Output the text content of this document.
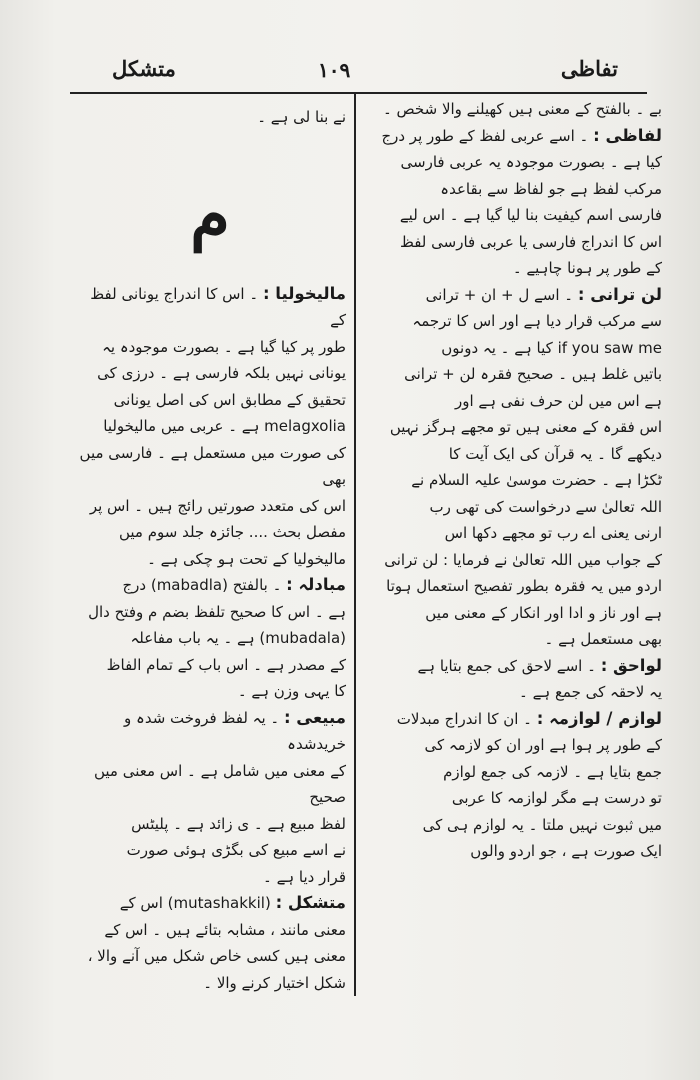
متشکل	۱۰۹	تفاظی

بے ۔ بالفتح کے معنی ہیں کھیلنے والا شخص ۔

لفاظی : ۔ اسے عربی لفظ کے طور پر درج

کیا ہے ۔ بصورت موجودہ یہ عربی فارسی

مرکب لفظ ہے جو لفاظ سے بقاعدہ

فارسی اسم کیفیت بنا لیا گیا ہے ۔ اس لیے

اس کا اندراج فارسی یا عربی فارسی لفظ

کے طور پر ہونا چاہیے ۔

لن ترانی : ۔ اسے ل + ان + ترانی

سے مرکب قرار دیا ہے اور اس کا ترجمہ

if you saw me کیا ہے ۔ یہ دونوں

باتیں غلط ہیں ۔ صحیح فقرہ لن + ترانی

ہے اس میں لن حرف نفی ہے اور

اس فقرہ کے معنی ہیں تو مجھے ہرگز نہیں

دیکھے گا ۔ یہ قرآن کی ایک آیت کا

ٹکڑا ہے ۔ حضرت موسیٰ علیہ السلام نے

اللہ تعالیٰ سے درخواست کی تھی رب

ارنی یعنی اے رب تو مجھے دکھا اس

کے جواب میں اللہ تعالیٰ نے فرمایا : لن ترانی

اردو میں یہ فقرہ بطور تفصیح استعمال ہوتا

ہے اور ناز و ادا اور انکار کے معنی میں

بھی مستعمل ہے ۔

لواحق : ۔ اسے لاحق کی جمع بتایا ہے

یہ لاحقہ کی جمع ہے ۔

لوازم / لوازمہ : ۔ ان کا اندراج مبدلات

کے طور پر ہوا ہے اور ان کو لازمہ کی

جمع بتایا ہے ۔ لازمہ کی جمع لوازم

تو درست ہے مگر لوازمہ کا عربی

میں ثبوت نہیں ملتا ۔ یہ لوازم ہی کی

ایک صورت ہے ، جو اردو والوں

نے بنا لی ہے ۔

م

مالیخولیا : ۔ اس کا اندراج یونانی لفظ کے

طور پر کیا گیا ہے ۔ بصورت موجودہ یہ

یونانی نہیں بلکہ فارسی ہے ۔ درزی کی

تحقیق کے مطابق اس کی اصل یونانی

melagxolia ہے ۔ عربی میں مالیخولیا

کی صورت میں مستعمل ہے ۔ فارسی میں بھی

اس کی متعدد صورتیں رائج ہیں ۔ اس پر

مفصل بحث .... جائزہ جلد سوم میں

مالیخولیا کے تحت ہو چکی ہے ۔

مبادلہ : ۔ بالفتح (mabadla) درج

ہے ۔ اس کا صحیح تلفظ بضم م وفتح دال

(mubadala) ہے ۔ یہ باب مفاعلہ

کے مصدر ہے ۔ اس باب کے تمام الفاظ

کا یہی وزن ہے ۔

مبیعی : ۔ یہ لفظ فروخت شدہ و خریدشدہ

کے معنی میں شامل ہے ۔ اس معنی میں صحیح

لفظ مبیع ہے ۔ ی زائد ہے ۔ پلیٹس

نے اسے مبیع کی بگڑی ہوئی صورت

قرار دیا ہے ۔

متشکل : (mutashakkil) اس کے

معنی مانند ، مشابہ بتائے ہیں ۔ اس کے

معنی ہیں کسی خاص شکل میں آنے والا ،

شکل اختیار کرنے والا ۔
